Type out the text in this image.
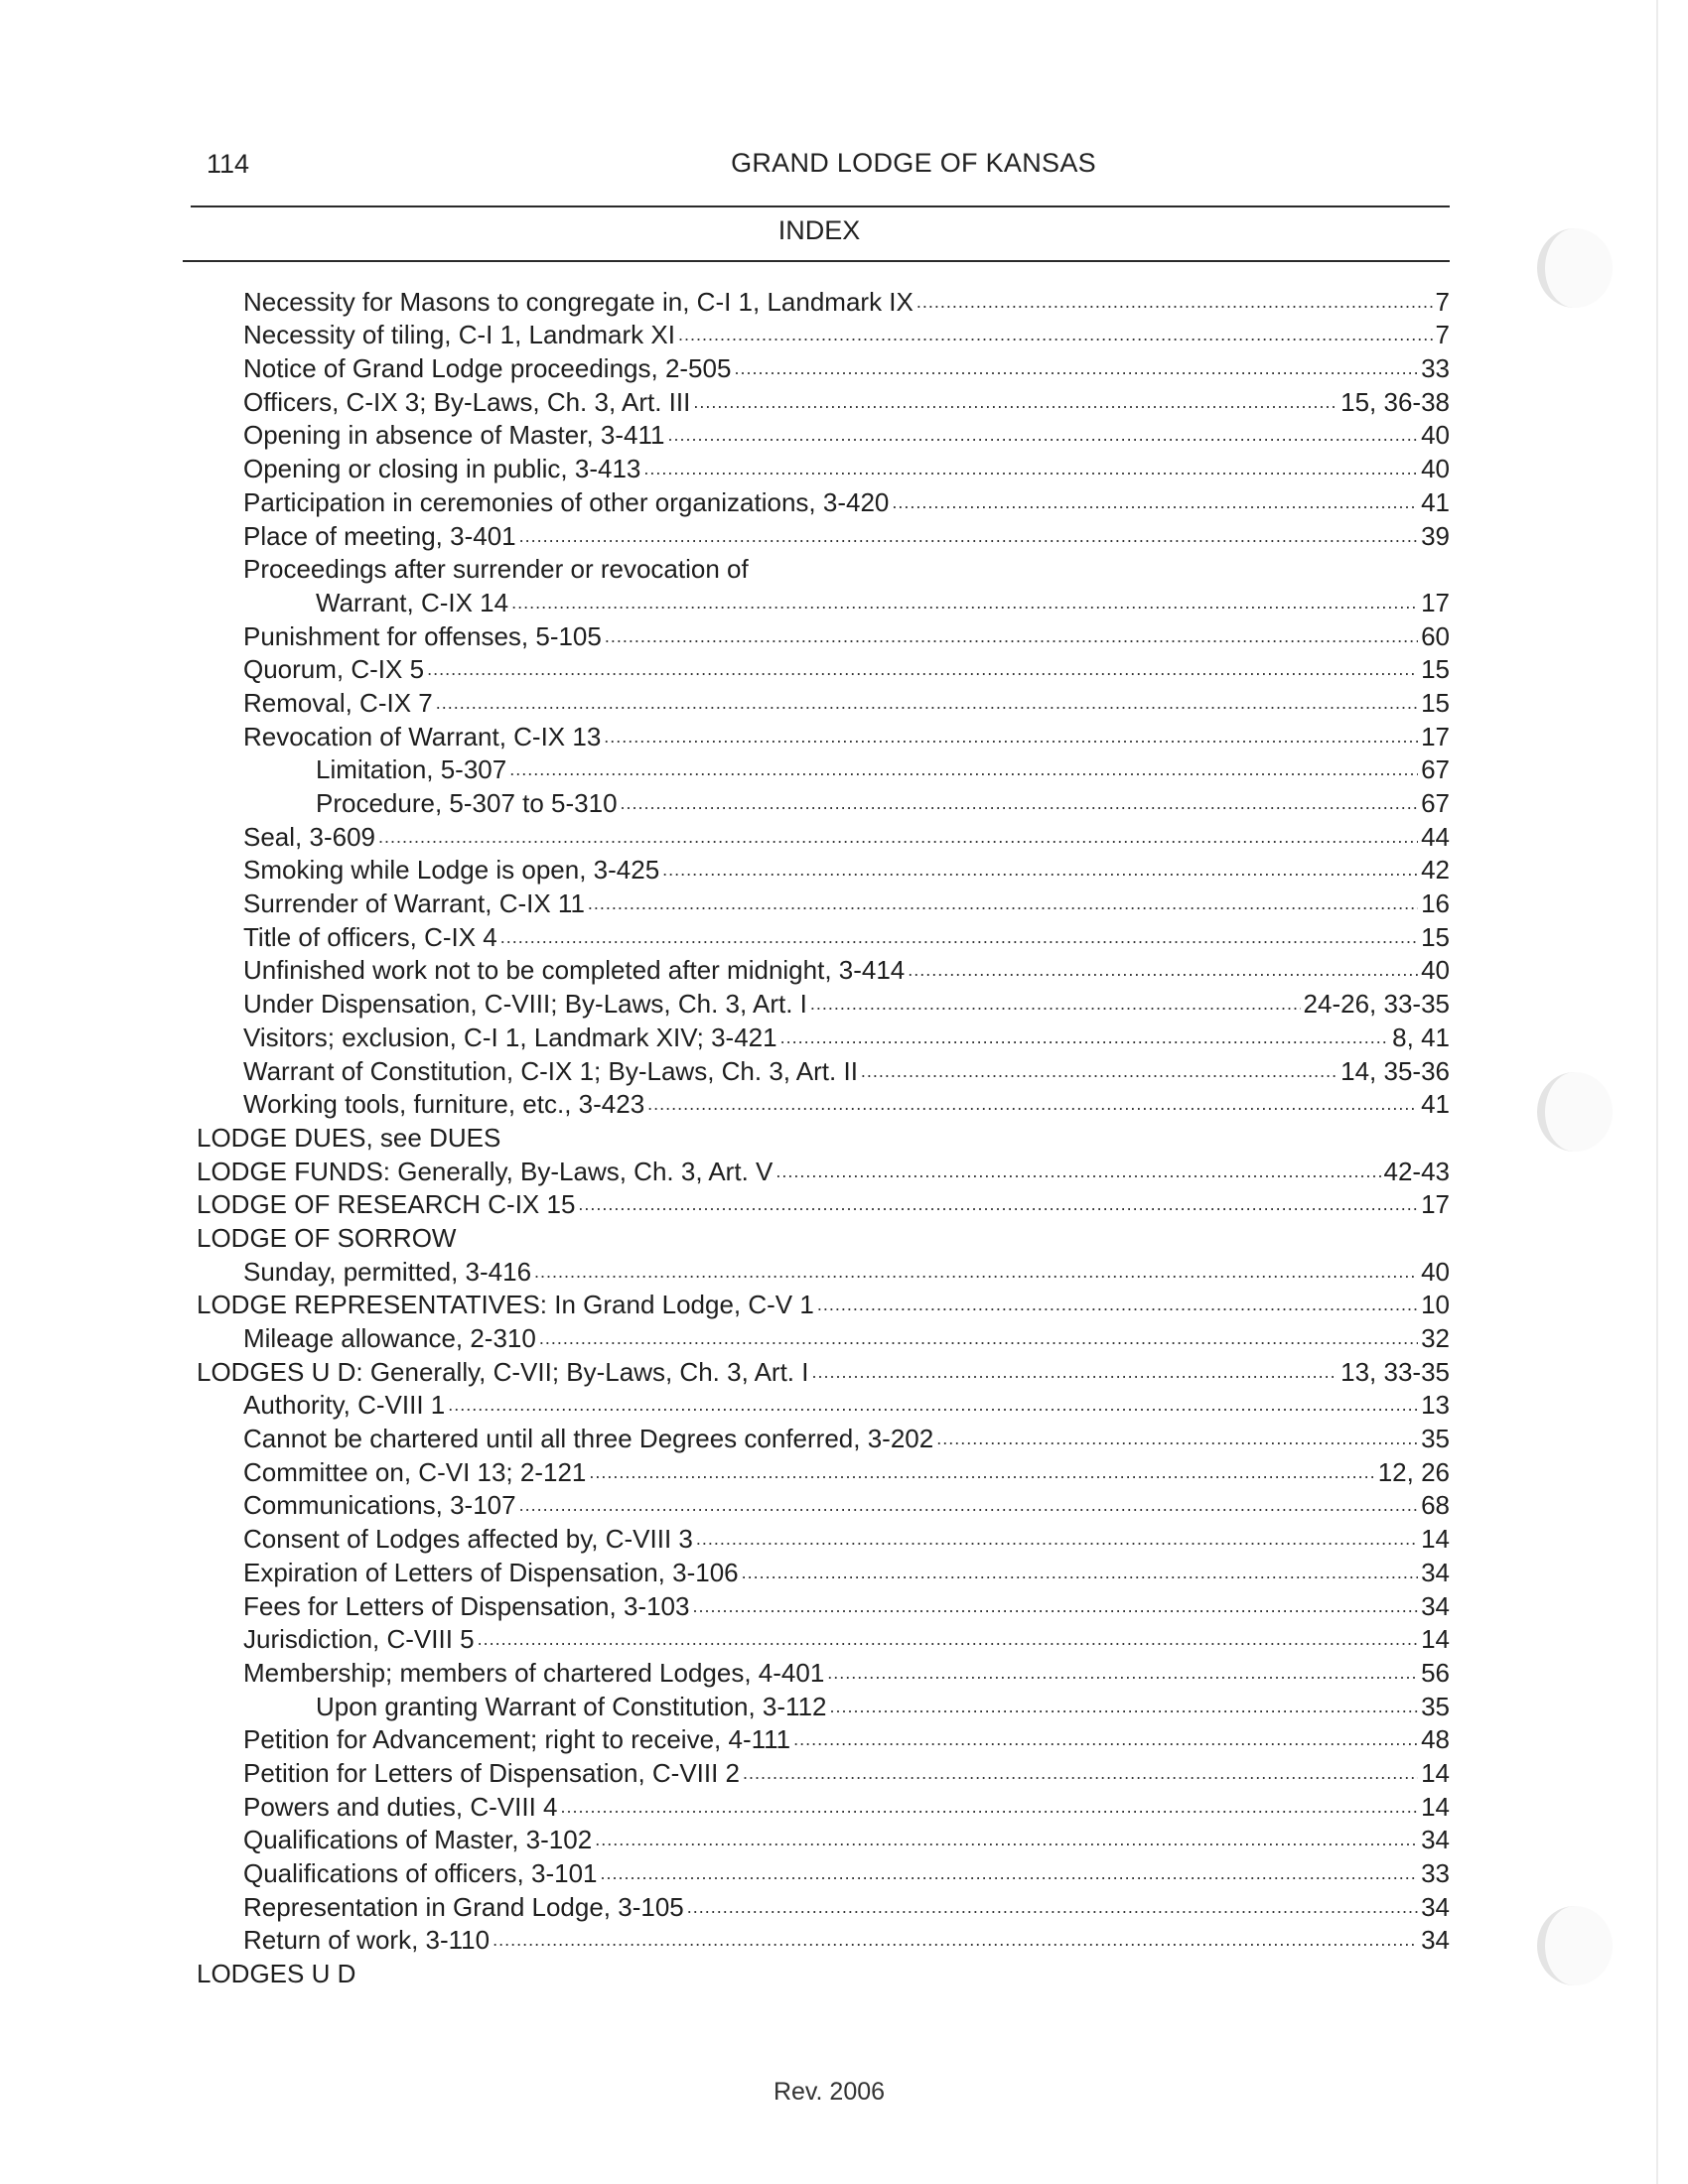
114	GRAND LODGE OF KANSAS
INDEX
Necessity for Masons to congregate in, C-I 1, Landmark IX . . .	7
Necessity of tiling, C-I 1, Landmark XI . . .	7
Notice of Grand Lodge proceedings, 2-505 . . .	33
Officers, C-IX 3; By-Laws, Ch. 3, Art. III . . .	15, 36-38
Opening in absence of Master, 3-411 . . .	40
Opening or closing in public, 3-413 . . .	40
Participation in ceremonies of other organizations, 3-420 . . .	41
Place of meeting, 3-401 . . .	39
Proceedings after surrender or revocation of
Warrant, C-IX 14 . . .	17
Punishment for offenses, 5-105 . . .	60
Quorum, C-IX 5 . . .	15
Removal, C-IX 7 . . .	15
Revocation of Warrant, C-IX 13 . . .	17
Limitation, 5-307 . . .	67
Procedure, 5-307 to 5-310 . . .	67
Seal, 3-609 . . .	44
Smoking while Lodge is open, 3-425 . . .	42
Surrender of Warrant, C-IX 11 . . .	16
Title of officers, C-IX 4 . . .	15
Unfinished work not to be completed after midnight, 3-414 . . .	40
Under Dispensation, C-VIII; By-Laws, Ch. 3, Art. I . . .	24-26, 33-35
Visitors; exclusion, C-I 1, Landmark XIV; 3-421 . . .	8, 41
Warrant of Constitution, C-IX 1; By-Laws, Ch. 3, Art. II . . .	14, 35-36
Working tools, furniture, etc., 3-423 . . .	41
LODGE DUES, see DUES
LODGE FUNDS: Generally, By-Laws, Ch. 3, Art. V . . .	42-43
LODGE OF RESEARCH C-IX 15 . . .	17
LODGE OF SORROW
Sunday, permitted, 3-416 . . .	40
LODGE REPRESENTATIVES: In Grand Lodge, C-V 1 . . .	10
Mileage allowance, 2-310 . . .	32
LODGES U D: Generally, C-VII; By-Laws, Ch. 3, Art. I . . .	13, 33-35
Authority, C-VIII 1 . . .	13
Cannot be chartered until all three Degrees conferred, 3-202 . . .	35
Committee on, C-VI 13; 2-121 . . .	12, 26
Communications, 3-107 . . .	68
Consent of Lodges affected by, C-VIII 3 . . .	14
Expiration of Letters of Dispensation, 3-106 . . .	34
Fees for Letters of Dispensation, 3-103 . . .	34
Jurisdiction, C-VIII 5 . . .	14
Membership; members of chartered Lodges, 4-401 . . .	56
Upon granting Warrant of Constitution, 3-112 . . .	35
Petition for Advancement; right to receive, 4-111 . . .	48
Petition for Letters of Dispensation, C-VIII 2 . . .	14
Powers and duties, C-VIII 4 . . .	14
Qualifications of Master, 3-102 . . .	34
Qualifications of officers, 3-101 . . .	33
Representation in Grand Lodge, 3-105 . . .	34
Return of work, 3-110 . . .	34
LODGES U D
Rev. 2006
